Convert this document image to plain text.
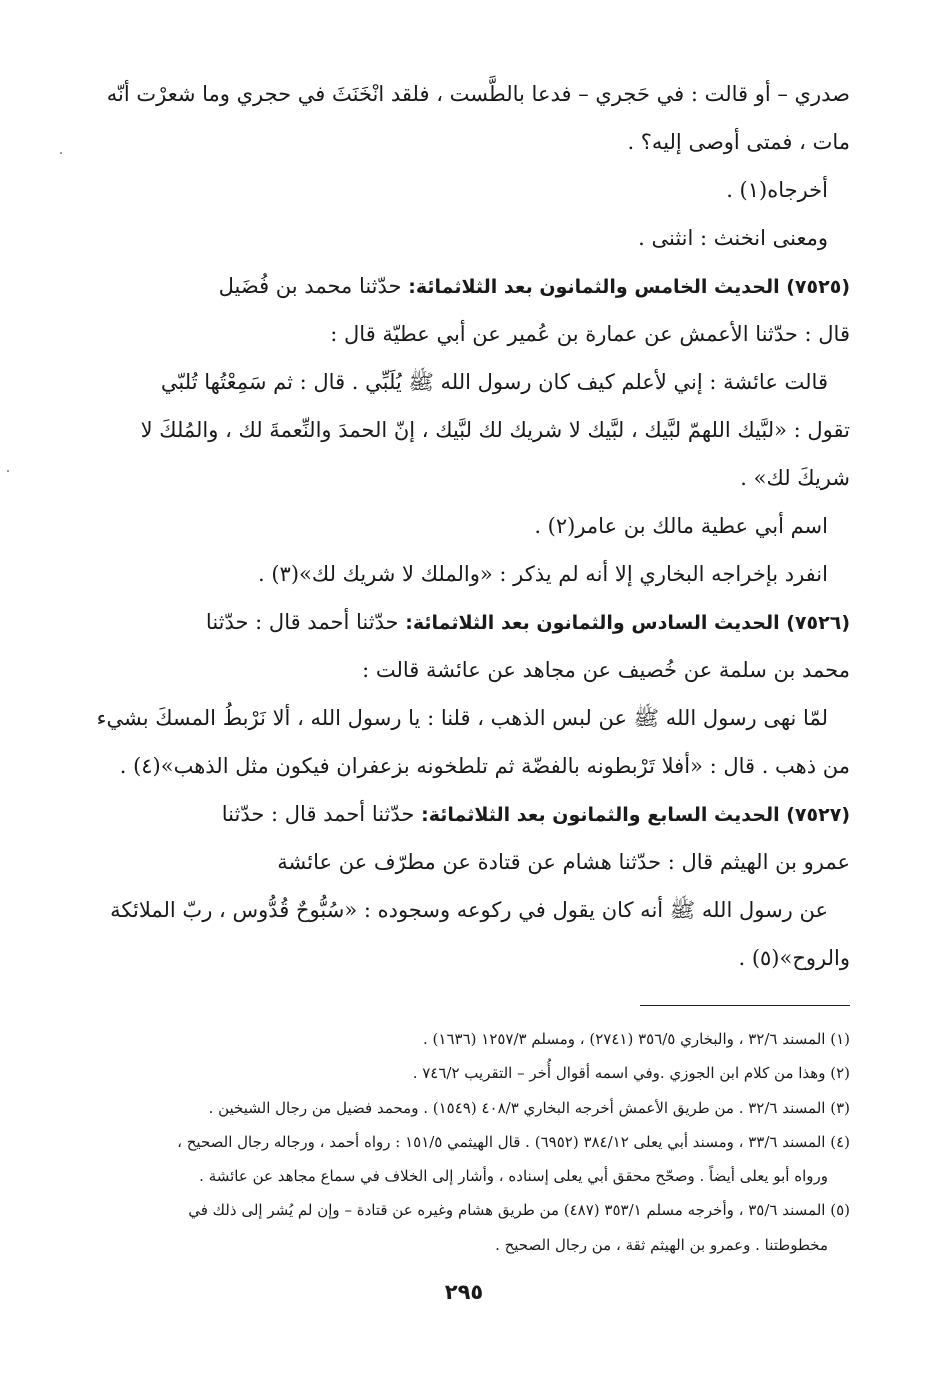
صدري – أو قالت : في حَجري – فدعا بالطَّست ، فلقد انْخَنَثَ في حجري وما شعرْت أنّه
مات ، فمتى أوصى إليه؟ .
أخرجاه(١) .
ومعنى انخنث : انثنى .
(٧٥٢٥) الحديث الخامس والثمانون بعد الثلاثمائة: حدّثنا محمد بن فُضَيل
قال : حدّثنا الأعمش عن عمارة بن عُمير عن أبي عطيّة قال :
قالت عائشة : إني لأعلم كيف كان رسول الله ﷺ يُلَبِّي . قال : ثم سَمِعْتُها تُلبّي
تقول : «لبَّيك اللهمّ لبَّيك ، لبَّيك لا شريك لك لبَّيك ، إنّ الحمدَ والنِّعمةَ لك ، والمُلكَ لا
شريكَ لك» .
اسم أبي عطية مالك بن عامر(٢) .
انفرد بإخراجه البخاري إلا أنه لم يذكر : «والملك لا شريك لك»(٣) .
(٧٥٢٦) الحديث السادس والثمانون بعد الثلاثمائة: حدّثنا أحمد قال : حدّثنا
محمد بن سلمة عن خُصيف عن مجاهد عن عائشة قالت :
لمّا نهى رسول الله ﷺ عن لبس الذهب ، قلنا : يا رسول الله ، ألا نَرْبطُ المسكَ بشيء
من ذهب . قال : «أفلا تَرْبطونه بالفضّة ثم تلطخونه بزعفران فيكون مثل الذهب»(٤) .
(٧٥٢٧) الحديث السابع والثمانون بعد الثلاثمائة: حدّثنا أحمد قال : حدّثنا
عمرو بن الهيثم قال : حدّثنا هشام عن قتادة عن مطرّف عن عائشة
عن رسول الله ﷺ أنه كان يقول في ركوعه وسجوده : «سُبُّوحٌ قُدُّوس ، ربّ الملائكة
والروح»(٥) .
(١) المسند ٣٢/٦ ، والبخاري ٣٥٦/٥ (٢٧٤١) ، ومسلم ١٢٥٧/٣ (١٦٣٦) .
(٢) وهذا من كلام ابن الجوزي .وفي اسمه أقوال أُخر – التقريب ٧٤٦/٢ .
(٣) المسند ٣٢/٦ . من طريق الأعمش أخرجه البخاري ٤٠٨/٣ (١٥٤٩) . ومحمد فضيل من رجال الشيخين .
(٤) المسند ٣٣/٦ ، ومسند أبي يعلى ٣٨٤/١٢ (٦٩٥٢) . قال الهيثمي ١٥١/٥ : رواه أحمد ، ورجاله رجال الصحيح ،
ورواه أبو يعلى أيضاً . وصحّح محقق أبي يعلى إسناده ، وأشار إلى الخلاف في سماع مجاهد عن عائشة .
(٥) المسند ٣٥/٦ ، وأخرجه مسلم ٣٥٣/١ (٤٨٧) من طريق هشام وغيره عن قتادة – وإن لم يُشر إلى ذلك في
مخطوطتنا . وعمرو بن الهيثم ثقة ، من رجال الصحيح .
٢٩٥
